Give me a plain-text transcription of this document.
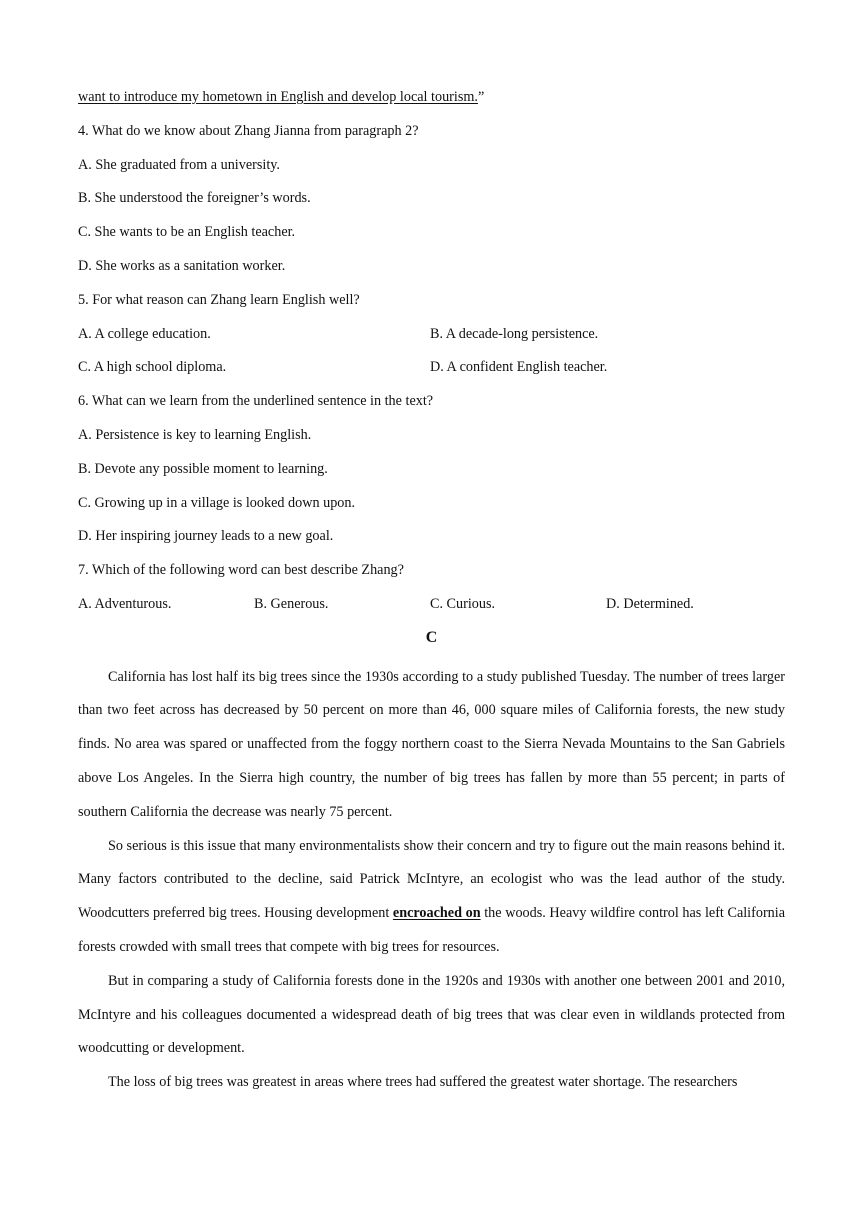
want to introduce my hometown in English and develop local tourism.”
4. What do we know about Zhang Jianna from paragraph 2?
A. She graduated from a university.
B. She understood the foreigner’s words.
C. She wants to be an English teacher.
D. She works as a sanitation worker.
5. For what reason can Zhang learn English well?
A. A college education.	B. A decade-long persistence.
C. A high school diploma.	D. A confident English teacher.
6. What can we learn from the underlined sentence in the text?
A. Persistence is key to learning English.
B. Devote any possible moment to learning.
C. Growing up in a village is looked down upon.
D. Her inspiring journey leads to a new goal.
7. Which of the following word can best describe Zhang?
A. Adventurous.	B. Generous.	C. Curious.	D. Determined.
C

California has lost half its big trees since the 1930s according to a study published Tuesday. The number of trees larger than two feet across has decreased by 50 percent on more than 46, 000 square miles of California forests, the new study finds. No area was spared or unaffected from the foggy northern coast to the Sierra Nevada Mountains to the San Gabriels above Los Angeles. In the Sierra high country, the number of big trees has fallen by more than 55 percent; in parts of southern California the decrease was nearly 75 percent.

So serious is this issue that many environmentalists show their concern and try to figure out the main reasons behind it. Many factors contributed to the decline, said Patrick McIntyre, an ecologist who was the lead author of the study. Woodcutters preferred big trees. Housing development encroached on the woods. Heavy wildfire control has left California forests crowded with small trees that compete with big trees for resources.

But in comparing a study of California forests done in the 1920s and 1930s with another one between 2001 and 2010, McIntyre and his colleagues documented a widespread death of big trees that was clear even in wildlands protected from woodcutting or development.

The loss of big trees was greatest in areas where trees had suffered the greatest water shortage. The researchers
